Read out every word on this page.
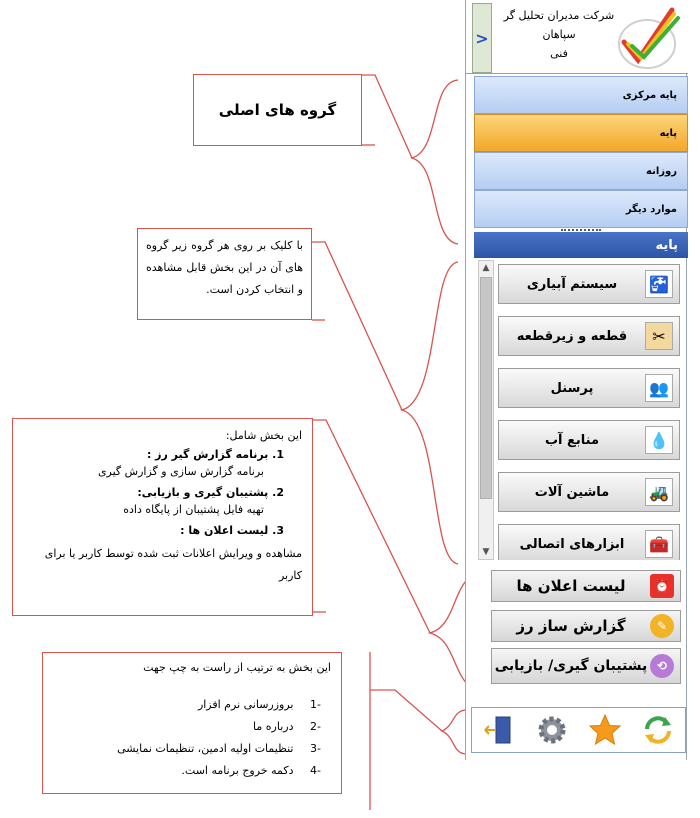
گروه های اصلی

با کلیک بر روی هر گروه زیر گروه های آن در این بخش قابل مشاهده و انتخاب کردن است.

این بخش شامل:
1. برنامه گزارش گیر رز :
برنامه گزارش سازی و گزارش گیری
2. پشتیبان گیری و بازیابی:
تهیه فایل پشتیبان از پایگاه داده
3. لیست اعلان ها :
مشاهده و ویرایش اعلانات ثبت شده توسط کاربر یا برای کاربر
این بخش به ترتیب از راست به چپ جهت
-1 بروزرسانی نرم افزار
-2 درباره ما
-3 تنظیمات اولیه ادمین، تنظیمات نمایشی
-4 دکمه خروج برنامه است.
>
شرکت مدیران تحلیل گر
سپاهان
فنی
پایه مرکزی
پایه
روزانه
موارد دیگر
پایه
▲
▼
🚰
سیستم آبیاری
✂
قطعه و زیرقطعه
👥
پرسنل
💧
منابع آب
🚜
ماشین آلات
🧰
ابزارهای اتصالی
⏰
لیست اعلان ها
✎
گزارش ساز رز
⟲
پشتیبان گیری/ بازیابی
